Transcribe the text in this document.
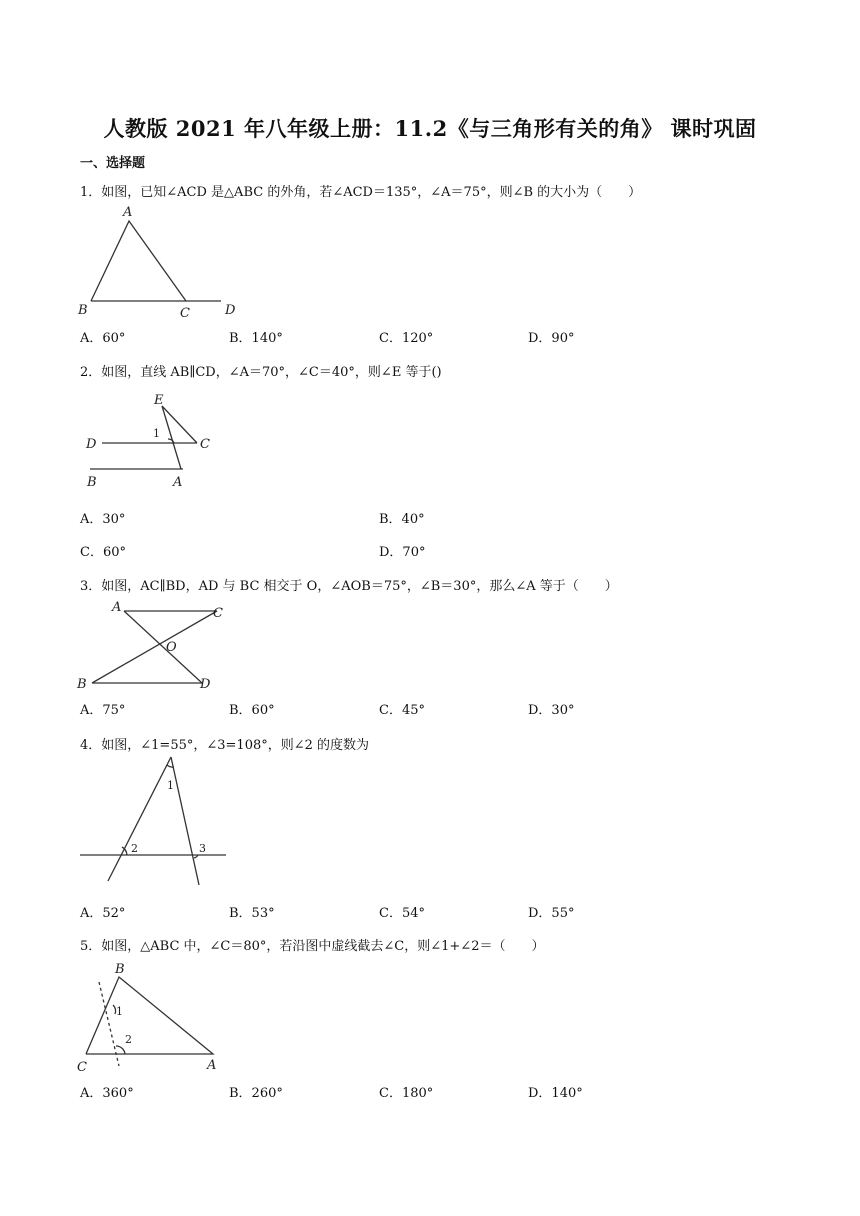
人教版 2021 年八年级上册：11.2《与三角形有关的角》 课时巩固
一、选择题
1．如图，已知∠ACD 是△ABC 的外角，若∠ACD＝135°，∠A＝75°，则∠B 的大小为（　　）
A
B	C	D
A．60°	B．140°	C．120°	D．90°
2．如图，直线 AB∥CD，∠A＝70°，∠C＝40°，则∠E 等于()
E
D	C
B	A
1
A．30°	B．40°
C．60°	D．70°
3．如图，AC∥BD，AD 与 BC 相交于 O，∠AOB＝75°，∠B＝30°，那么∠A 等于（　　）
A	C
O
B	D
A．75°	B．60°	C．45°	D．30°
4．如图，∠1=55°，∠3=108°，则∠2 的度数为
1
2	3
A．52°	B．53°	C．54°	D．55°
5．如图，△ABC 中，∠C＝80°，若沿图中虚线截去∠C，则∠1+∠2＝（　　）
B
1
2
C	A
A．360°	B．260°	C．180°	D．140°
